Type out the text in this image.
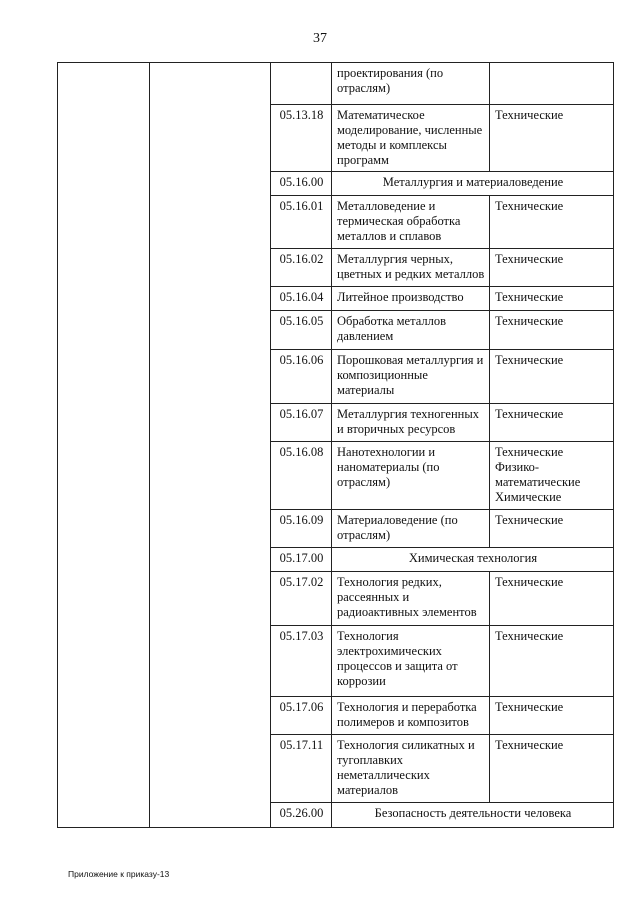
37
			проектирования (по отраслям)	
		05.13.18	Математическое моделирование, численные методы и комплексы программ	Технические
		05.16.00	Металлургия и материаловедение	
		05.16.01	Металловедение и термическая обработка металлов и сплавов	Технические
		05.16.02	Металлургия черных, цветных и редких металлов	Технические
		05.16.04	Литейное производство	Технические
		05.16.05	Обработка металлов давлением	Технические
		05.16.06	Порошковая металлургия и композиционные материалы	Технические
		05.16.07	Металлургия техногенных и вторичных ресурсов	Технические
		05.16.08	Нанотехнологии и наноматериалы (по отраслям)	Технические Физико-математические Химические
		05.16.09	Материаловедение (по отраслям)	Технические
		05.17.00	Химическая технология	
		05.17.02	Технология редких, рассеянных и радиоактивных элементов	Технические
		05.17.03	Технология электрохимических процессов и защита от коррозии	Технические
		05.17.06	Технология и переработка полимеров и композитов	Технические
		05.17.11	Технология силикатных и тугоплавких неметаллических материалов	Технические
		05.26.00	Безопасность деятельности человека	
Приложение к приказу-13
